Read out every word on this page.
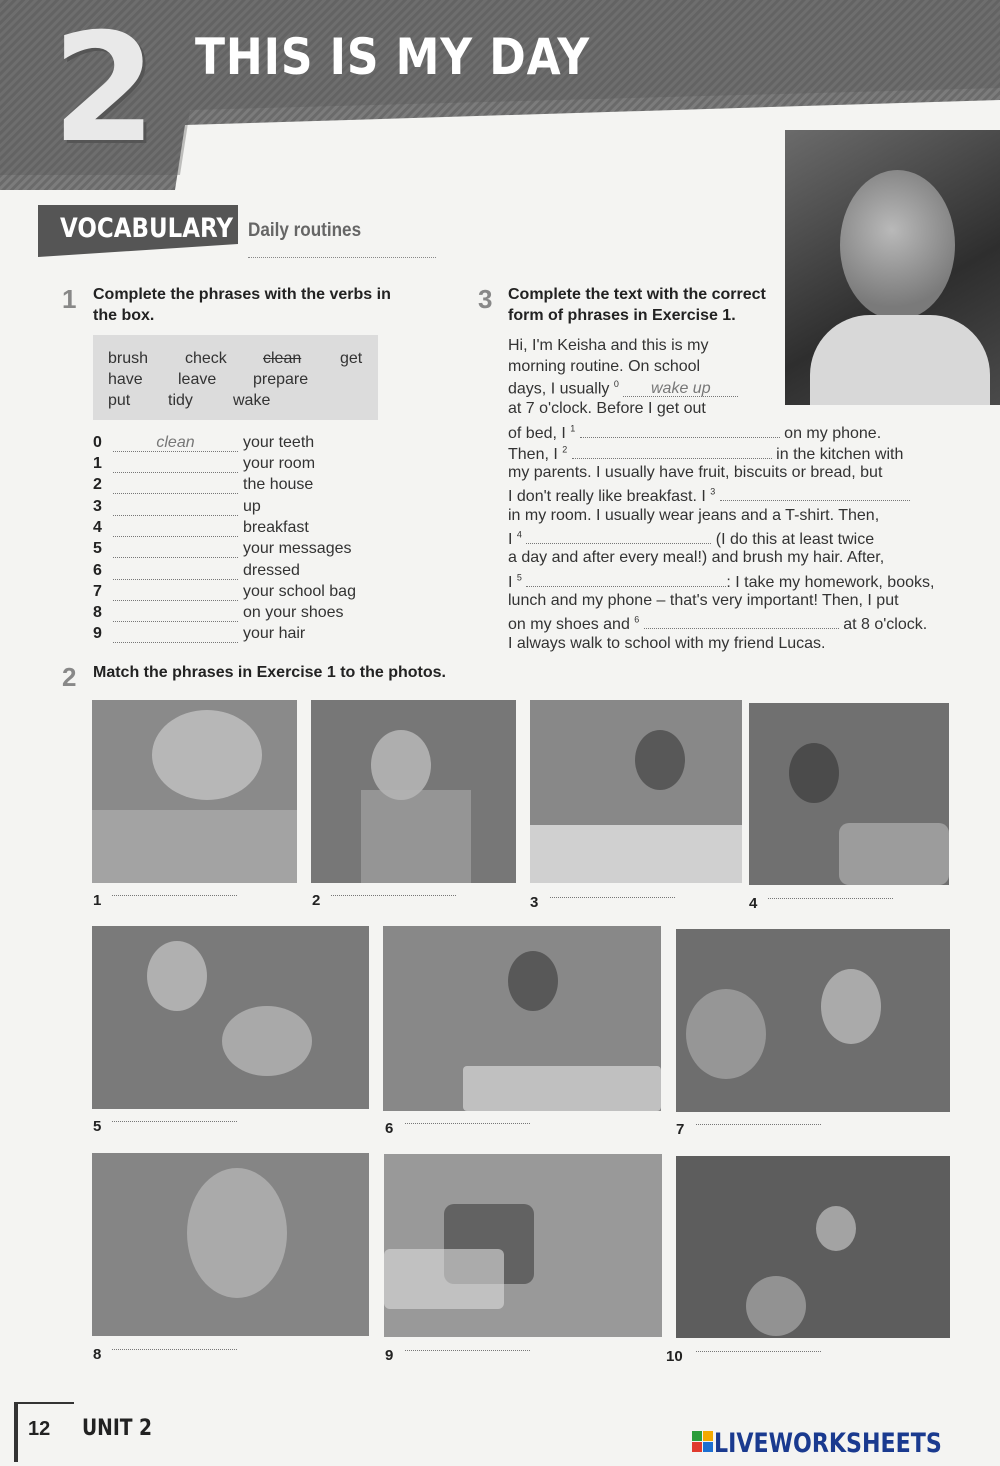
2 THIS IS MY DAY
VOCABULARY Daily routines
1 Complete the phrases with the verbs in
the box.
brush check clean get
have leave prepare
put tidy	wake
0	clean	your teeth
1	your room
2	the house
3	up
4	breakfast
5	your messages
6	dressed
7	your school bag
8	on your shoes
9	your hair
3 Complete the text with the correct
form of phrases in Exercise 1.
Hi, I'm Keisha and this is my
morning routine. On school
days, I usually $^0$ wake up
at 7 o'clock. Before I get out
of bed, I $^1$	on my phone.
Then, I $^2$	in the kitchen with
my parents. I usually have fruit, biscuits or bread, but
I don't really like breakfast. I $^3$
in my room. I usually wear jeans and a T-shirt. Then,
I $^4$	(I do this at least twice
a day and after every meal!) and brush my hair. After,
I $^5$	: I take my homework, books,
lunch and my phone – that's very important! Then, I put
on my shoes and $^6$	at 8 o'clock.
I always walk to school with my friend Lucas.
2 Match the phrases in Exercise 1 to the photos.
1	2	3	4
5	6	7
8	9	10
12 UNIT 2	LIVEWORKSHEETS
